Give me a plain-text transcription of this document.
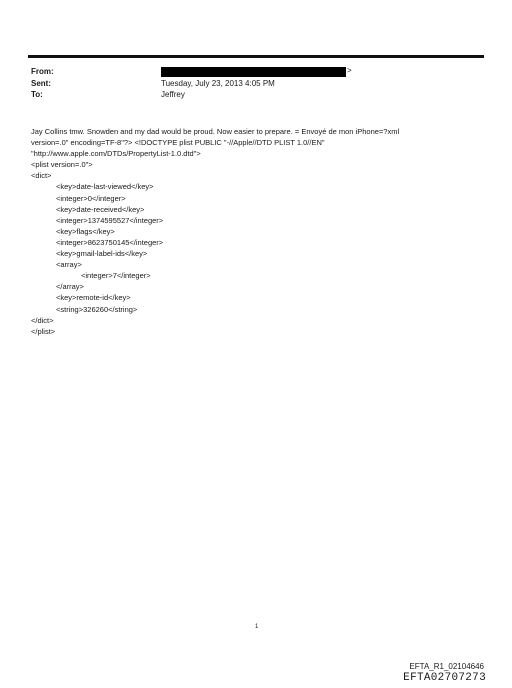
From:	>
Sent:	Tuesday, July 23, 2013 4:05 PM
To:	Jeffrey
Jay Collins tmw. Snowden and my dad would be proud. Now easier to prepare. = Envoyé de mon iPhone=?xml
version=.0" encoding=TF-8"?> <!DOCTYPE plist PUBLIC "-//Apple//DTD PLIST 1.0//EN"
"http://www.apple.com/DTDs/PropertyList-1.0.dtd">
<plist version=.0">
<dict>
<key>date-last-viewed</key>
<integer>0</integer>
<key>date-received</key>
<integer>1374595527</integer>
<key>flags</key>
<integer>8623750145</integer>
<key>gmail-label-ids</key>
<array>
<integer>7</integer>
</array>
<key>remote-id</key>
<string>326260</string>
</dict>
</plist>
1
EFTA_R1_02104646
EFTA02707273
